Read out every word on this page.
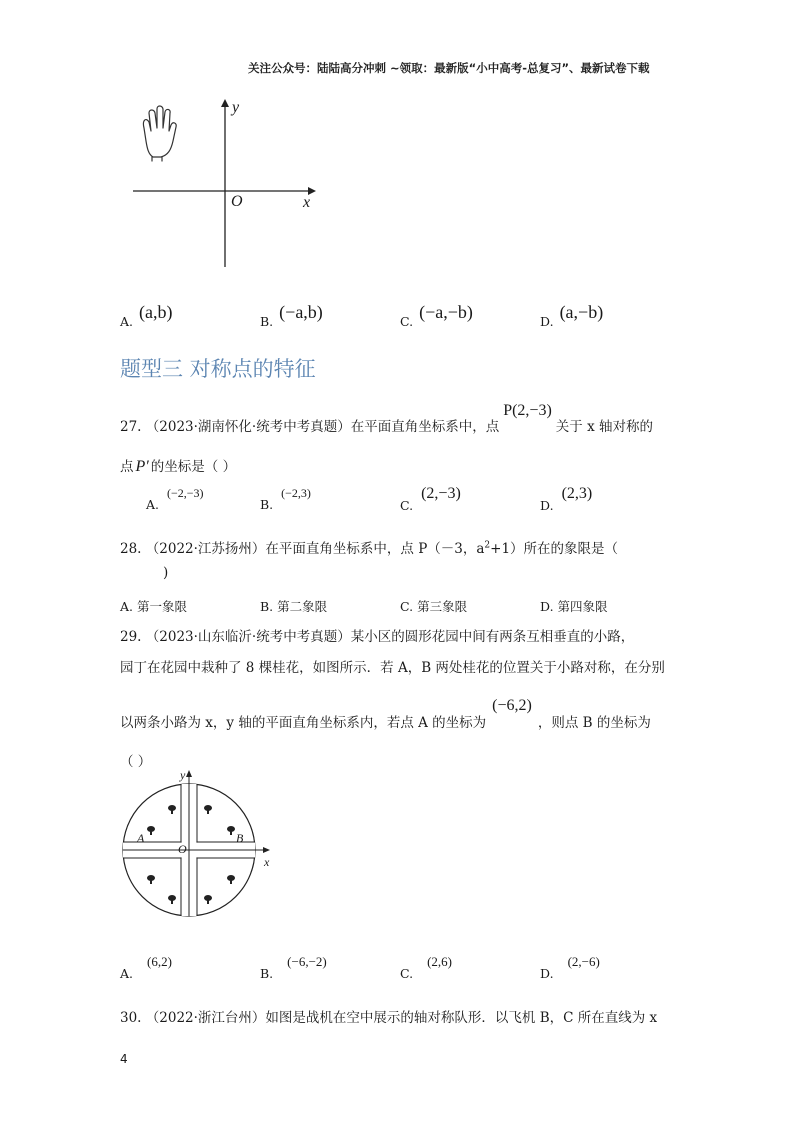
关注公众号：陆陆高分冲刺 ~领取：最新版“小中高考-总复习”、最新试卷下载
y
x
O
A. (a,b)	B. (−a,b)	C. (−a,−b)	D. (a,−b)
题型三 对称点的特征
27. （2023·湖南怀化·统考中考真题）在平面直角坐标系中，点P(2,−3)关于 x 轴对称的
点 P′ 的坐标是（ ）
A.(−2,−3)
B.(−2,3)
C.(2,−3)
D.(2,3)
28. （2022·江苏扬州）在平面直角坐标系中，点 P（－3，$a^2+1$）所在的象限是（
)
A. 第一象限	B. 第二象限	C. 第三象限	D. 第四象限
29. （2023·山东临沂·统考中考真题）某小区的圆形花园中间有两条互相垂直的小路，
园丁在花园中栽种了 8 棵桂花，如图所示．若 A，B 两处桂花的位置关于小路对称，在分别
以两条小路为 x，y 轴的平面直角坐标系内，若点 A 的坐标为(−6,2)，则点 B 的坐标为
（ ）
y
x
O
A	B
A.(6,2)
B.(−6,−2)
C.(2,6)
D.(2,−6)
30. （2022·浙江台州）如图是战机在空中展示的轴对称队形．以飞机 B，C 所在直线为 x
4
